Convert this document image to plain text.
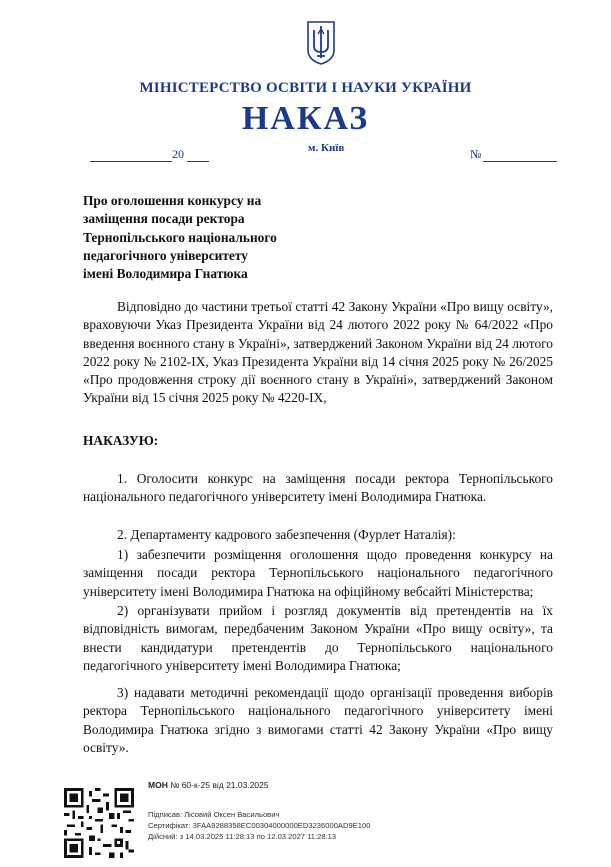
МІНІСТЕРСТВО ОСВІТИ І НАУКИ УКРАЇНИ
НАКАЗ
20	м. Київ	№
Про оголошення конкурсу на
заміщення посади ректора
Тернопільського національного
педагогічного університету
імені Володимира Гнатюка
Відповідно до частини третьої статті 42 Закону України «Про вищу освіту», враховуючи Указ Президента України від 24 лютого 2022 року № 64/2022 «Про введення воєнного стану в Україні», затверджений Законом України від 24 лютого 2022 року № 2102-IX, Указ Президента України від 14 січня 2025 року № 26/2025 «Про продовження строку дії воєнного стану в Україні», затверджений Законом України від 15 січня 2025 року № 4220-IX,
НАКАЗУЮ:
1. Оголосити конкурс на заміщення посади ректора Тернопільського національного педагогічного університету імені Володимира Гнатюка.
2. Департаменту кадрового забезпечення (Фурлет Наталія):
1) забезпечити розміщення оголошення щодо проведення конкурсу на заміщення посади ректора Тернопільського національного педагогічного університету імені Володимира Гнатюка на офіційному вебсайті Міністерства;
2) організувати прийом і розгляд документів від претендентів на їх відповідність вимогам, передбаченим Законом України «Про вищу освіту», та внести кандидатури претендентів до Тернопільського національного педагогічного університету імені Володимира Гнатюка;
3) надавати методичні рекомендації щодо організації проведення виборів ректора Тернопільського національного педагогічного університету імені Володимира Гнатюка згідно з вимогами статті 42 Закону України «Про вищу освіту».
МОН № 60-к-25 від 21.03.2025
Підписав: Лісовий Оксен Васильович
Сертифікат: 3FAA9288358EC00304000000ED3236000AD9E100
Дійсний: з 14.03.2025 11:28:13 по 12.03.2027 11:28:13
